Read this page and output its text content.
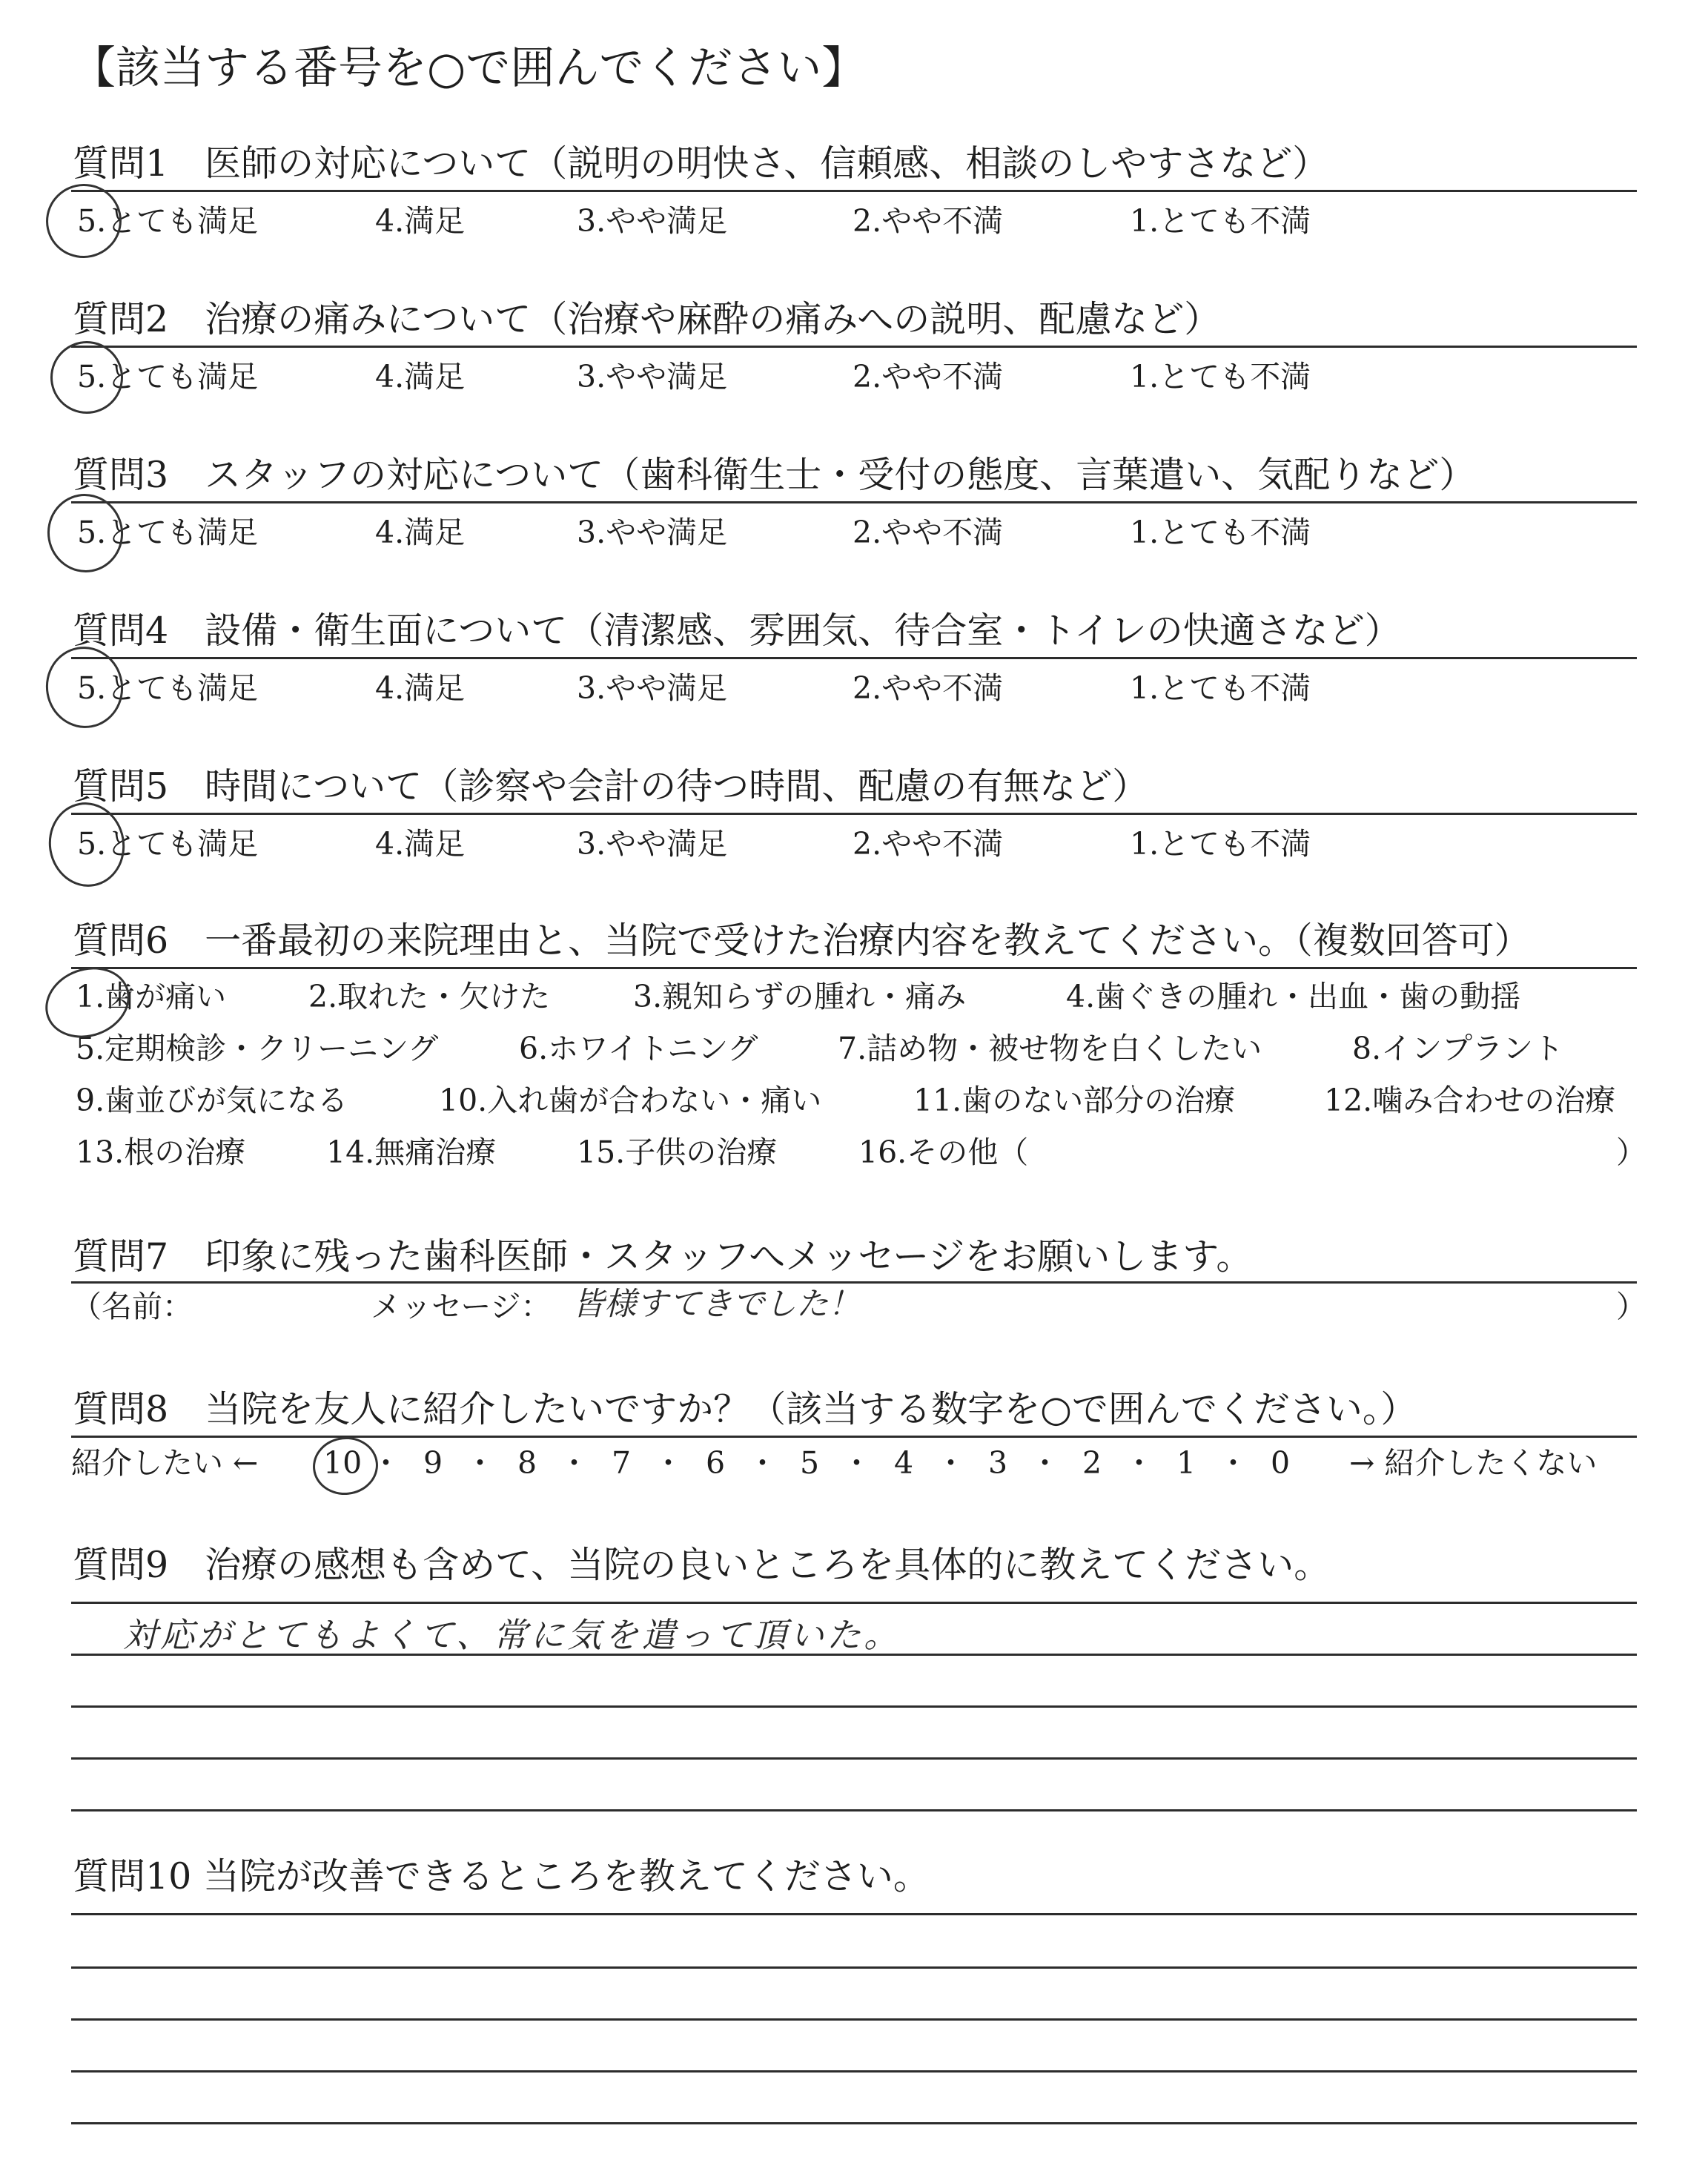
【該当する番号を○で囲んでください】
質問1　医師の対応について（説明の明快さ、信頼感、相談のしやすさなど）
5.とても満足	4.満足	3.やや満足	2.やや不満	1.とても不満
質問2　治療の痛みについて（治療や麻酔の痛みへの説明、配慮など）
5.とても満足	4.満足	3.やや満足	2.やや不満	1.とても不満
質問3　スタッフの対応について（歯科衛生士・受付の態度、言葉遣い、気配りなど）
5.とても満足	4.満足	3.やや満足	2.やや不満	1.とても不満
質問4　設備・衛生面について（清潔感、雰囲気、待合室・トイレの快適さなど）
5.とても満足	4.満足	3.やや満足	2.やや不満	1.とても不満
質問5　時間について（診察や会計の待つ時間、配慮の有無など）
5.とても満足	4.満足	3.やや満足	2.やや不満	1.とても不満
質問6　一番最初の来院理由と、当院で受けた治療内容を教えてください。（複数回答可）
1.歯が痛い	2.取れた・欠けた	3.親知らずの腫れ・痛み	4.歯ぐきの腫れ・出血・歯の動揺
5.定期検診・クリーニング	6.ホワイトニング	7.詰め物・被せ物を白くしたい	8.インプラント
9.歯並びが気になる	10.入れ歯が合わない・痛い	11.歯のない部分の治療	12.噛み合わせの治療
13.根の治療	14.無痛治療	15.子供の治療	16.その他（	）
質問7　印象に残った歯科医師・スタッフへメッセージをお願いします。
（名前：	メッセージ： 皆様すてきでした！	）
質問8　当院を友人に紹介したいですか？（該当する数字を○で囲んでください。）
紹介したい ←	→ 紹介したくない
10 ・ 9 ・ 8 ・ 7 ・ 6 ・ 5 ・ 4 ・ 3 ・ 2 ・ 1 ・ 0
質問9　治療の感想も含めて、当院の良いところを具体的に教えてください。
対応がとてもよくて、常に気を遣って頂いた。
質問10 当院が改善できるところを教えてください。
